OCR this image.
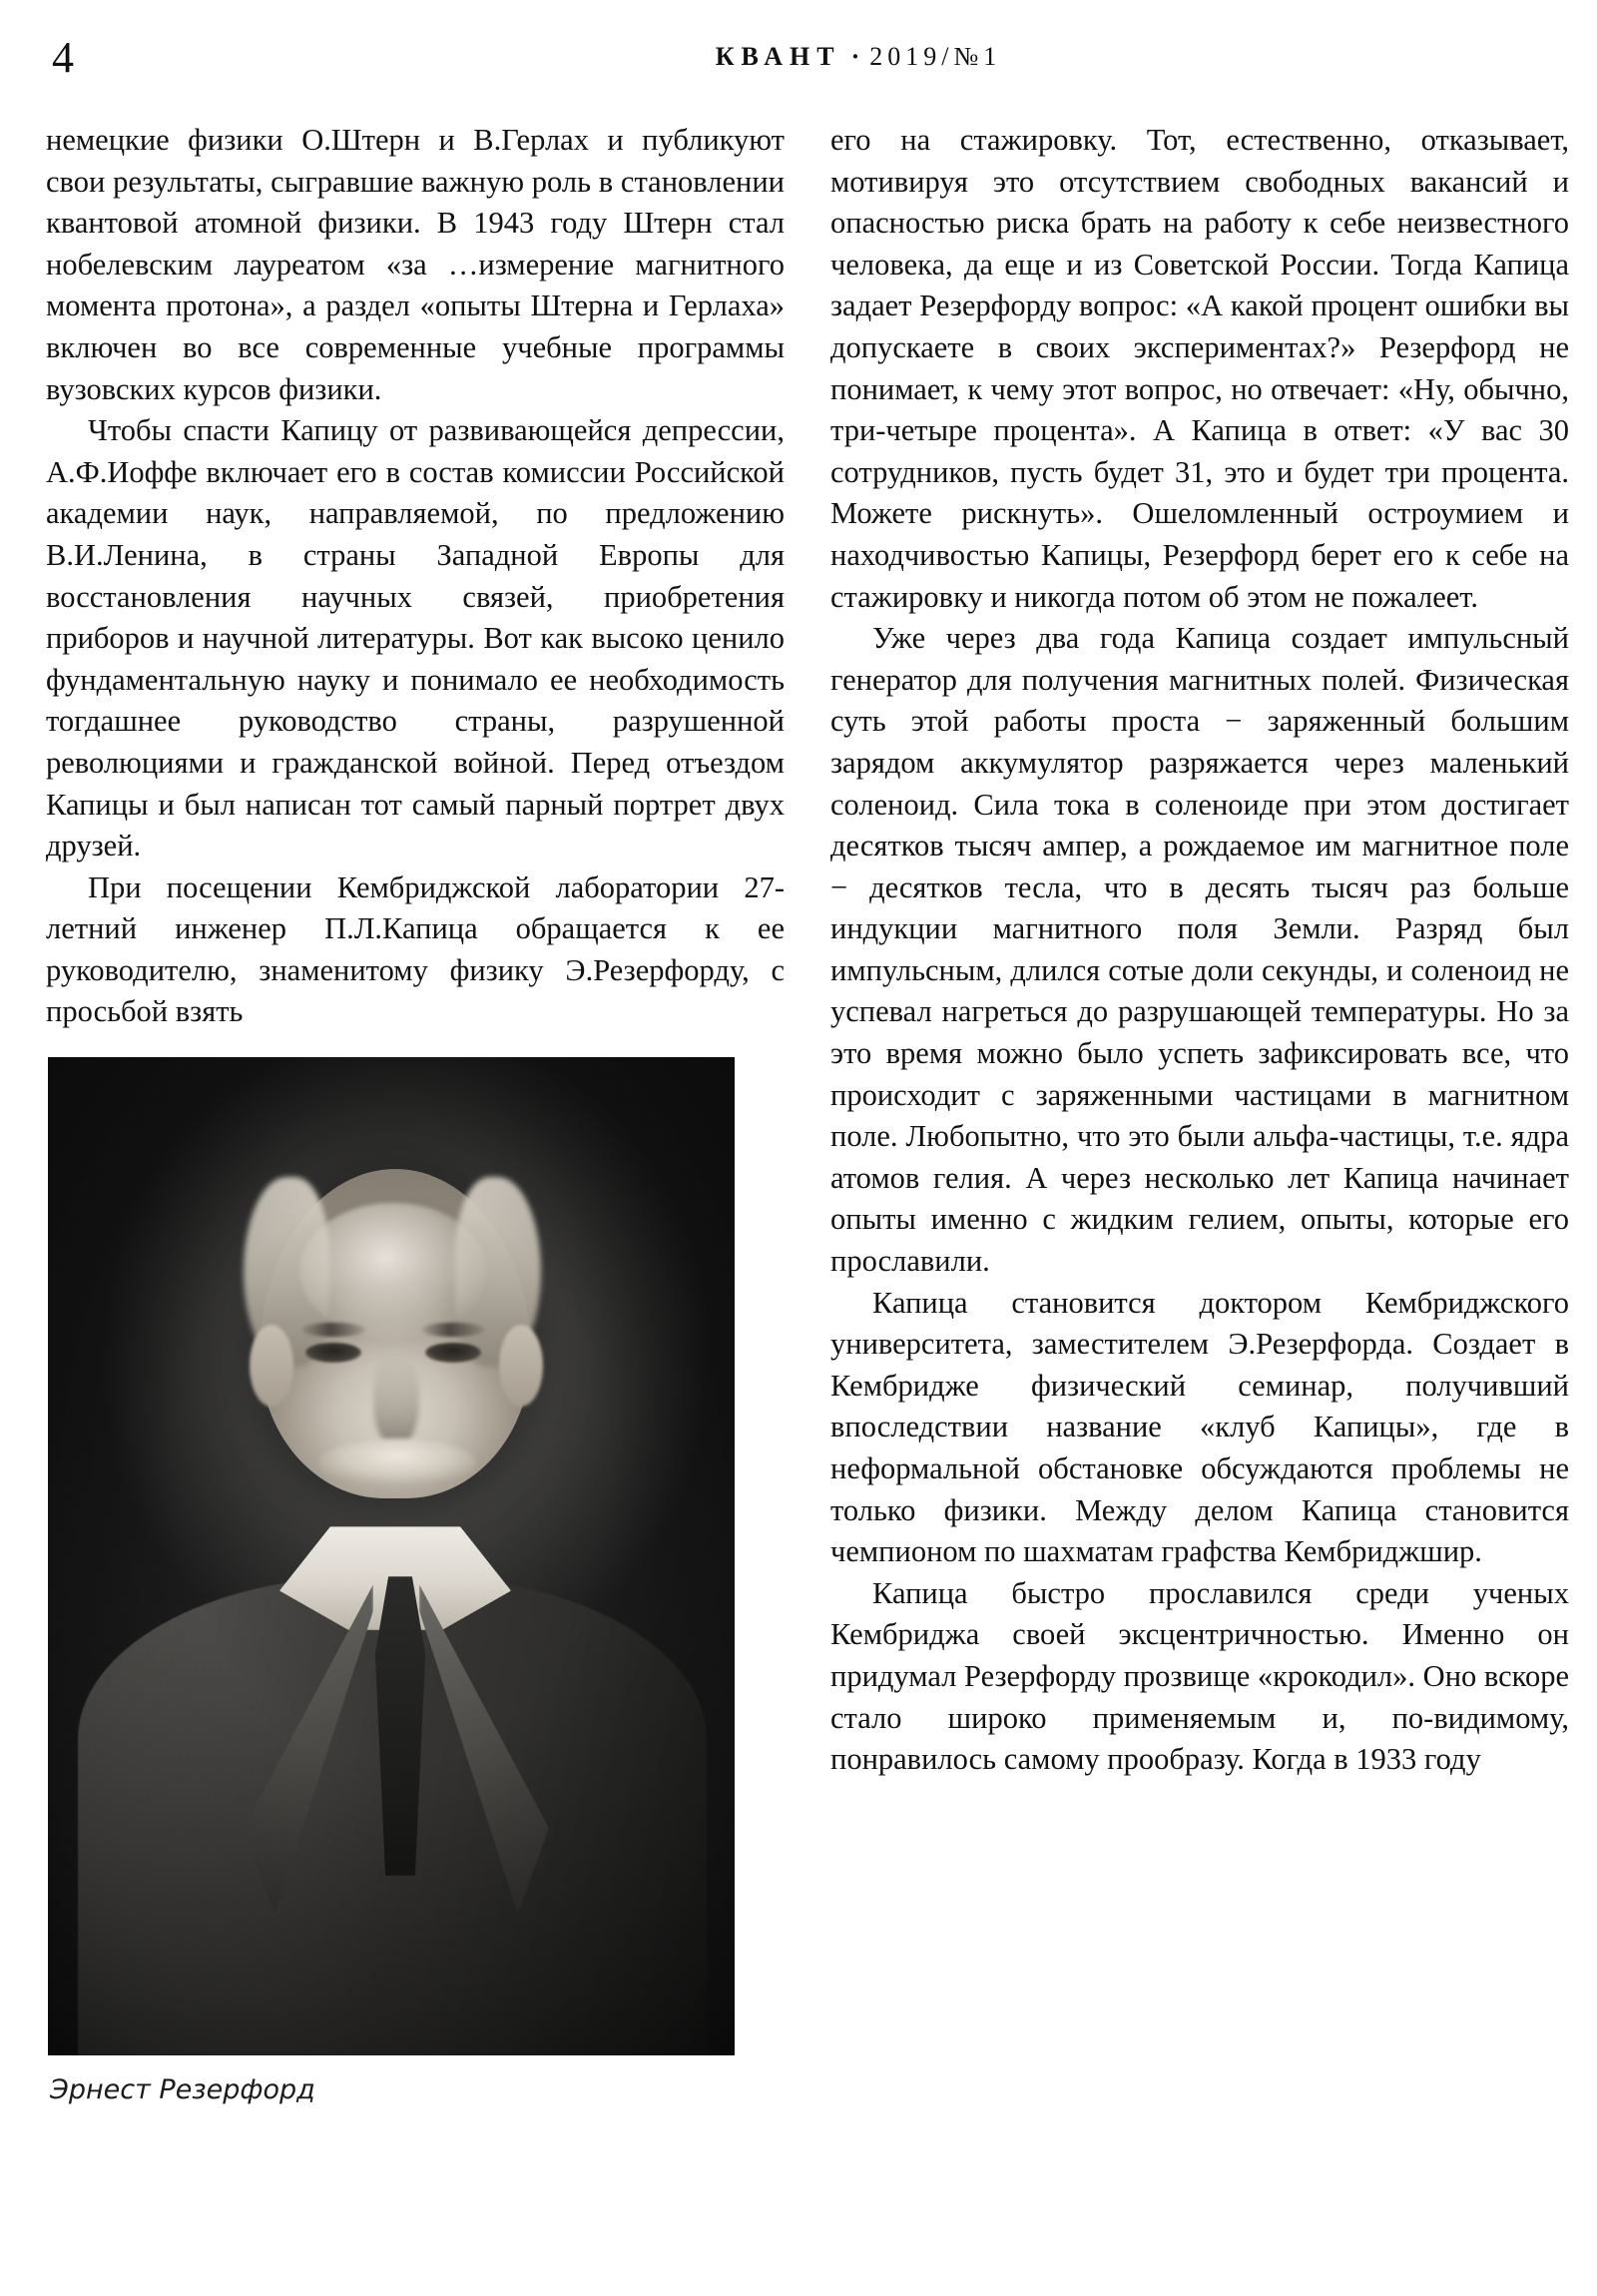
4	КВАНТ · 2019/№1

немецкие физики О.Штерн и В.Герлах и публикуют свои результаты, сыгравшие важную роль в становлении квантовой атомной физики. В 1943 году Штерн стал нобелевским лауреатом «за …измерение магнитного момента протона», а раздел «опыты Штерна и Герлаха» включен во все современные учебные программы вузовских курсов физики.

Чтобы спасти Капицу от развивающейся депрессии, А.Ф.Иоффе включает его в состав комиссии Российской академии наук, направляемой, по предложению В.И.Ленина, в страны Западной Европы для восстановления научных связей, приобретения приборов и научной литературы. Вот как высоко ценило фундаментальную науку и понимало ее необходимость тогдашнее руководство страны, разрушенной революциями и гражданской войной. Перед отъездом Капицы и был написан тот самый парный портрет двух друзей.

При посещении Кембриджской лаборатории 27-летний инженер П.Л.Капица обращается к ее руководителю, знаменитому физику Э.Резерфорду, с просьбой взять

Эрнест Резерфорд

его на стажировку. Тот, естественно, отказывает, мотивируя это отсутствием свободных вакансий и опасностью риска брать на работу к себе неизвестного человека, да еще и из Советской России. Тогда Капица задает Резерфорду вопрос: «А какой процент ошибки вы допускаете в своих экспериментах?» Резерфорд не понимает, к чему этот вопрос, но отвечает: «Ну, обычно, три-четыре процента». А Капица в ответ: «У вас 30 сотрудников, пусть будет 31, это и будет три процента. Можете рискнуть». Ошеломленный остроумием и находчивостью Капицы, Резерфорд берет его к себе на стажировку и никогда потом об этом не пожалеет.

Уже через два года Капица создает импульсный генератор для получения магнитных полей. Физическая суть этой работы проста − заряженный большим зарядом аккумулятор разряжается через маленький соленоид. Сила тока в соленоиде при этом достигает десятков тысяч ампер, а рождаемое им магнитное поле − десятков тесла, что в десять тысяч раз больше индукции магнитного поля Земли. Разряд был импульсным, длился сотые доли секунды, и соленоид не успевал нагреться до разрушающей температуры. Но за это время можно было успеть зафиксировать все, что происходит с заряженными частицами в магнитном поле. Любопытно, что это были альфа-частицы, т.е. ядра атомов гелия. А через несколько лет Капица начинает опыты именно с жидким гелием, опыты, которые его прославили.

Капица становится доктором Кембриджского университета, заместителем Э.Резерфорда. Создает в Кембридже физический семинар, получивший впоследствии название «клуб Капицы», где в неформальной обстановке обсуждаются проблемы не только физики. Между делом Капица становится чемпионом по шахматам графства Кембриджшир.

Капица быстро прославился среди ученых Кембриджа своей эксцентричностью. Именно он придумал Резерфорду прозвище «крокодил». Оно вскоре стало широко применяемым и, по-видимому, понравилось самому прообразу. Когда в 1933 году
